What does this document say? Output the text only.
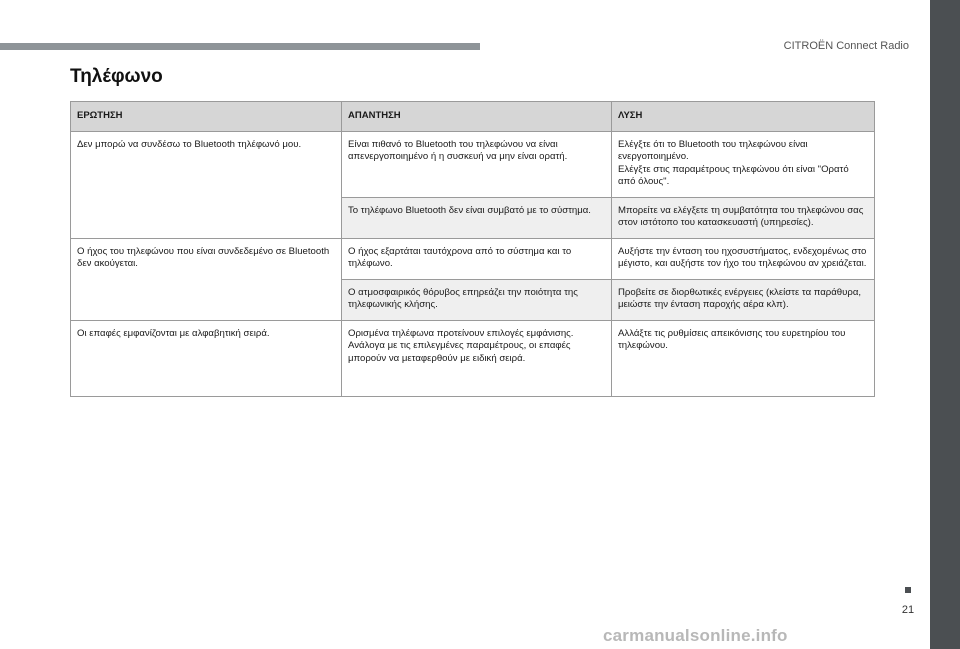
CITROËN Connect Radio
Τηλέφωνο
ΕΡΩΤΗΣΗ	ΑΠΑΝΤΗΣΗ	ΛΥΣΗ
Δεν μπορώ να συνδέσω το Bluetooth τηλέφωνό μου.	Είναι πιθανό το Bluetooth του τηλεφώνου να είναι απενεργοποιημένο ή η συσκευή να μην είναι ορατή.	Ελέγξτε ότι το Bluetooth του τηλεφώνου είναι ενεργοποιημένο.
Ελέγξτε στις παραμέτρους τηλεφώνου ότι είναι "Ορατό από όλους".
	Το τηλέφωνο Bluetooth δεν είναι συμβατό με το σύστημα.	Μπορείτε να ελέγξετε τη συμβατότητα του τηλεφώνου σας στον ιστότοπο του κατασκευαστή (υπηρεσίες).
Ο ήχος του τηλεφώνου που είναι συνδεδεμένο σε Bluetooth δεν ακούγεται.	Ο ήχος εξαρτάται ταυτόχρονα από το σύστημα και το τηλέφωνο.	Αυξήστε την ένταση του ηχοσυστήματος, ενδεχομένως στο μέγιστο, και αυξήστε τον ήχο του τηλεφώνου αν χρειάζεται.
	Ο ατμοσφαιρικός θόρυβος επηρεάζει την ποιότητα της τηλεφωνικής κλήσης.	Προβείτε σε διορθωτικές ενέργειες (κλείστε τα παράθυρα, μειώστε την ένταση παροχής αέρα κλπ).
Οι επαφές εμφανίζονται με αλφαβητική σειρά.	Ορισμένα τηλέφωνα προτείνουν επιλογές εμφάνισης. Ανάλογα με τις επιλεγμένες παραμέτρους, οι επαφές μπορούν να μεταφερθούν με ειδική σειρά.	Αλλάξτε τις ρυθμίσεις απεικόνισης του ευρετηρίου του τηλεφώνου.
21
carmanualsonline.info
